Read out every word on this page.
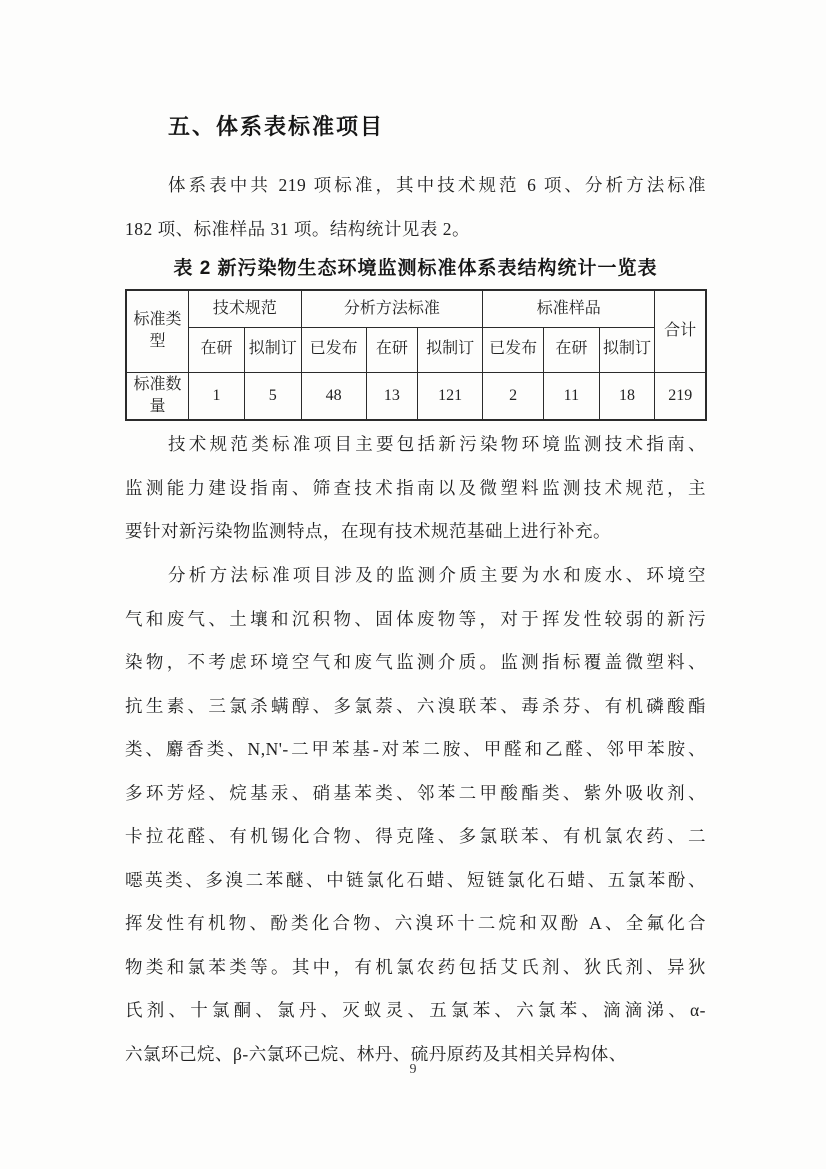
五、体系表标准项目
体系表中共 219 项标准，其中技术规范 6 项、分析方法标准
182 项、标准样品 31 项。结构统计见表 2。
表 2 新污染物生态环境监测标准体系表结构统计一览表
标准类型	技术规范		分析方法标准			标准样品			合计
	在研	拟制订	已发布	在研	拟制订	已发布	在研	拟制订	
标准数量	1	5	48	13	121	2	11	18	219
技术规范类标准项目主要包括新污染物环境监测技术指南、
监测能力建设指南、筛查技术指南以及微塑料监测技术规范，主
要针对新污染物监测特点，在现有技术规范基础上进行补充。
分析方法标准项目涉及的监测介质主要为水和废水、环境空
气和废气、土壤和沉积物、固体废物等，对于挥发性较弱的新污
染物，不考虑环境空气和废气监测介质。监测指标覆盖微塑料、
抗生素、三氯杀螨醇、多氯萘、六溴联苯、毒杀芬、有机磷酸酯
类、麝香类、N,N'-二甲苯基-对苯二胺、甲醛和乙醛、邻甲苯胺、
多环芳烃、烷基汞、硝基苯类、邻苯二甲酸酯类、紫外吸收剂、
卡拉花醛、有机锡化合物、得克隆、多氯联苯、有机氯农药、二
噁英类、多溴二苯醚、中链氯化石蜡、短链氯化石蜡、五氯苯酚、
挥发性有机物、酚类化合物、六溴环十二烷和双酚 A、全氟化合
物类和氯苯类等。其中，有机氯农药包括艾氏剂、狄氏剂、异狄
氏剂、十氯酮、氯丹、灭蚁灵、五氯苯、六氯苯、滴滴涕、α-
六氯环己烷、β-六氯环己烷、林丹、硫丹原药及其相关异构体、
9
